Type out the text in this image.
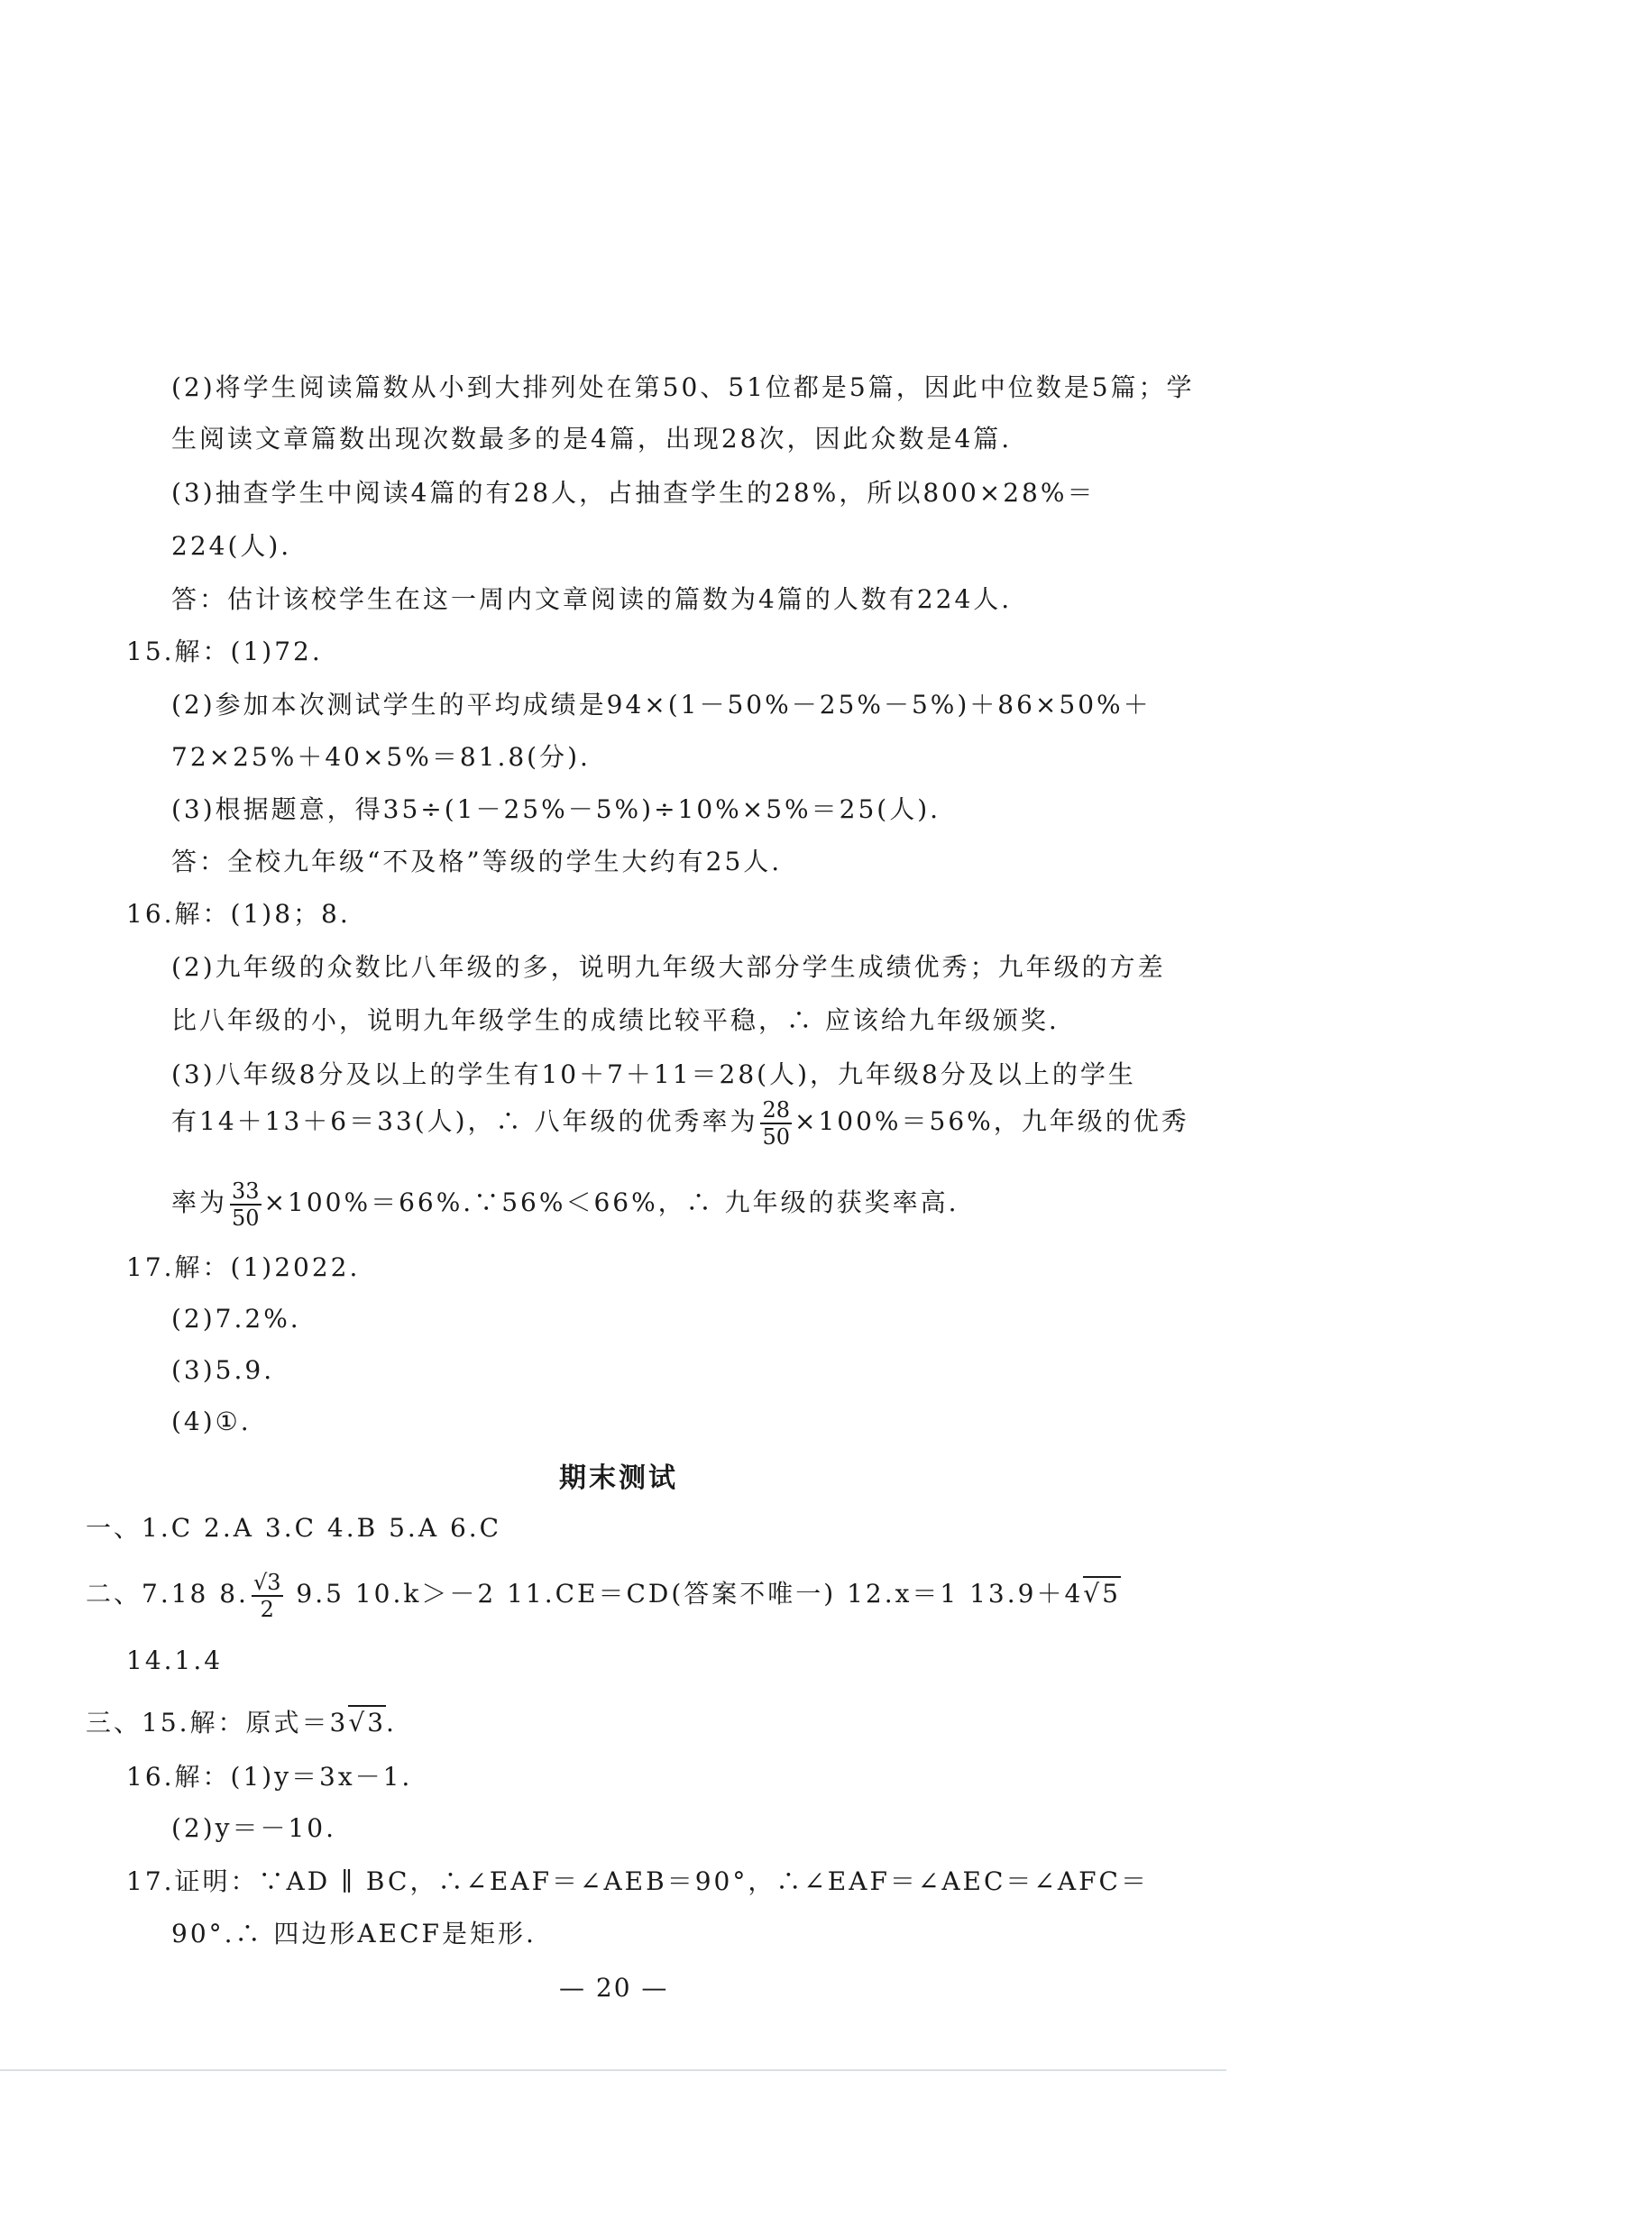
(2)将学生阅读篇数从小到大排列处在第50、51位都是5篇，因此中位数是5篇；学
生阅读文章篇数出现次数最多的是4篇，出现28次，因此众数是4篇.
(3)抽查学生中阅读4篇的有28人，占抽查学生的28%，所以800×28%＝
224(人).
答：估计该校学生在这一周内文章阅读的篇数为4篇的人数有224人.
15.解：(1)72.
(2)参加本次测试学生的平均成绩是94×(1－50%－25%－5%)＋86×50%＋
72×25%＋40×5%＝81.8(分).
(3)根据题意，得35÷(1－25%－5%)÷10%×5%＝25(人).
答：全校九年级“不及格”等级的学生大约有25人.
16.解：(1)8；8.
(2)九年级的众数比八年级的多，说明九年级大部分学生成绩优秀；九年级的方差
比八年级的小，说明九年级学生的成绩比较平稳，∴ 应该给九年级颁奖.
(3)八年级8分及以上的学生有10＋7＋11＝28(人)，九年级8分及以上的学生
有14＋13＋6＝33(人)，∴ 八年级的优秀率为 $\frac{28}{50} \times 100\%=56\%$，九年级的优秀
率为 $\frac{33}{50}$ ×100%＝66%.∵56%＜66%，∴ 九年级的获奖率高.
17.解：(1)2022.
(2)7.2%.
(3)5.9.
(4)①.
期末测试
一、1.C 2.A 3.C 4.B 5.A 6.C
二、7.18 8. $\frac{√3}{2} 9.5$ 10.k＞－2 11.CE＝CD(答案不唯一) 12.x＝1 13.9＋4√5
14.1.4
三、15.解：原式＝3√3.
16.解：(1)y＝3x－1.
(2)y＝－10.
17.证明：∵AD ∥ BC，∴∠EAF＝∠AEB＝90°，∴∠EAF＝∠AEC＝∠AFC＝
90°.∴ 四边形AECF是矩形.
— 20 —
